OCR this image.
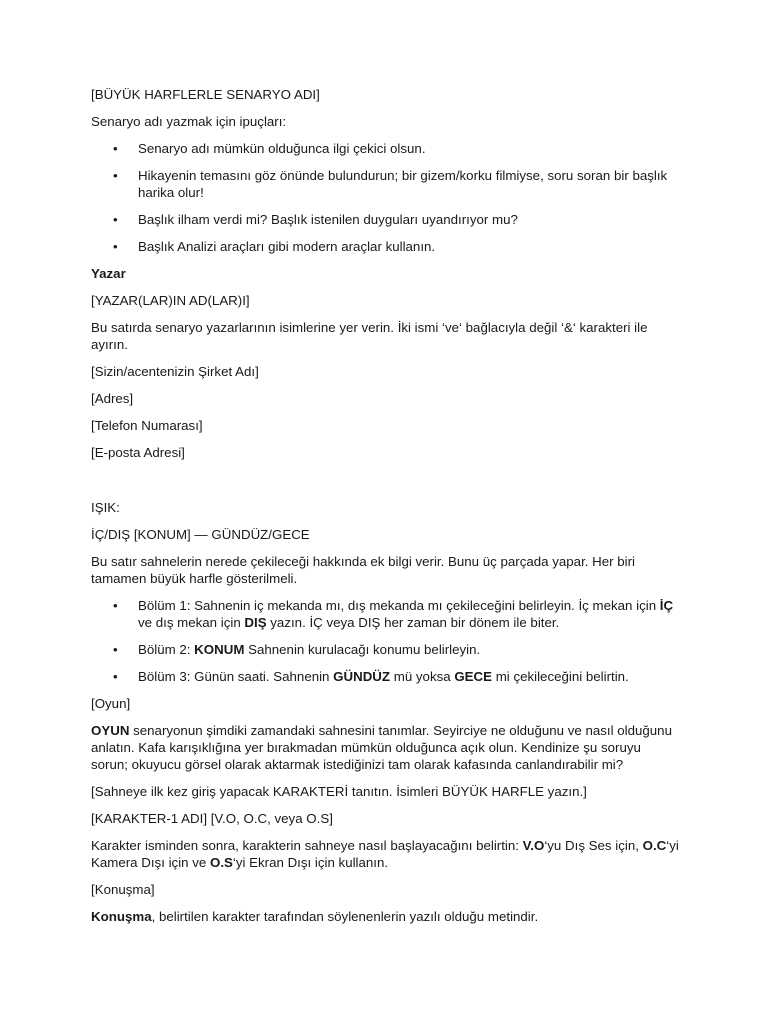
[BÜYÜK HARFLERLE SENARYO ADI]

Senaryo adı yazmak için ipuçları:

• Senaryo adı mümkün olduğunca ilgi çekici olsun.
• Hikayenin temasını göz önünde bulundurun; bir gizem/korku filmiyse, soru soran bir başlık harika olur!
• Başlık ilham verdi mi? Başlık istenilen duyguları uyandırıyor mu?
• Başlık Analizi araçları gibi modern araçlar kullanın.

Yazar

[YAZAR(LAR)IN AD(LAR)I]

Bu satırda senaryo yazarlarının isimlerine yer verin. İki ismi ‘ve‘ bağlacıyla değil ‘&‘ karakteri ile ayırın.

[Sizin/acentenizin Şirket Adı]

[Adres]

[Telefon Numarası]

[E-posta Adresi]

IŞIK:

İÇ/DIŞ [KONUM] — GÜNDÜZ/GECE

Bu satır sahnelerin nerede çekileceği hakkında ek bilgi verir. Bunu üç parçada yapar. Her biri tamamen büyük harfle gösterilmeli.

• Bölüm 1: Sahnenin iç mekanda mı, dış mekanda mı çekileceğini belirleyin. İç mekan için İÇ ve dış mekan için DIŞ yazın. İÇ veya DIŞ her zaman bir dönem ile biter.
• Bölüm 2: KONUM Sahnenin kurulacağı konumu belirleyin.
• Bölüm 3: Günün saati. Sahnenin GÜNDÜZ mü yoksa GECE mi çekileceğini belirtin.

[Oyun]

OYUN senaryonun şimdiki zamandaki sahnesini tanımlar. Seyirciye ne olduğunu ve nasıl olduğunu anlatın. Kafa karışıklığına yer bırakmadan mümkün olduğunca açık olun. Kendinize şu soruyu sorun; okuyucu görsel olarak aktarmak istediğinizi tam olarak kafasında canlandırabilir mi?

[Sahneye ilk kez giriş yapacak KARAKTERİ tanıtın. İsimleri BÜYÜK HARFLE yazın.]

[KARAKTER-1 ADI] [V.O, O.C, veya O.S]

Karakter isminden sonra, karakterin sahneye nasıl başlayacağını belirtin: V.O‘yu Dış Ses için, O.C‘yi Kamera Dışı için ve O.S‘yi Ekran Dışı için kullanın.

[Konuşma]

Konuşma, belirtilen karakter tarafından söylenenlerin yazılı olduğu metindir.
